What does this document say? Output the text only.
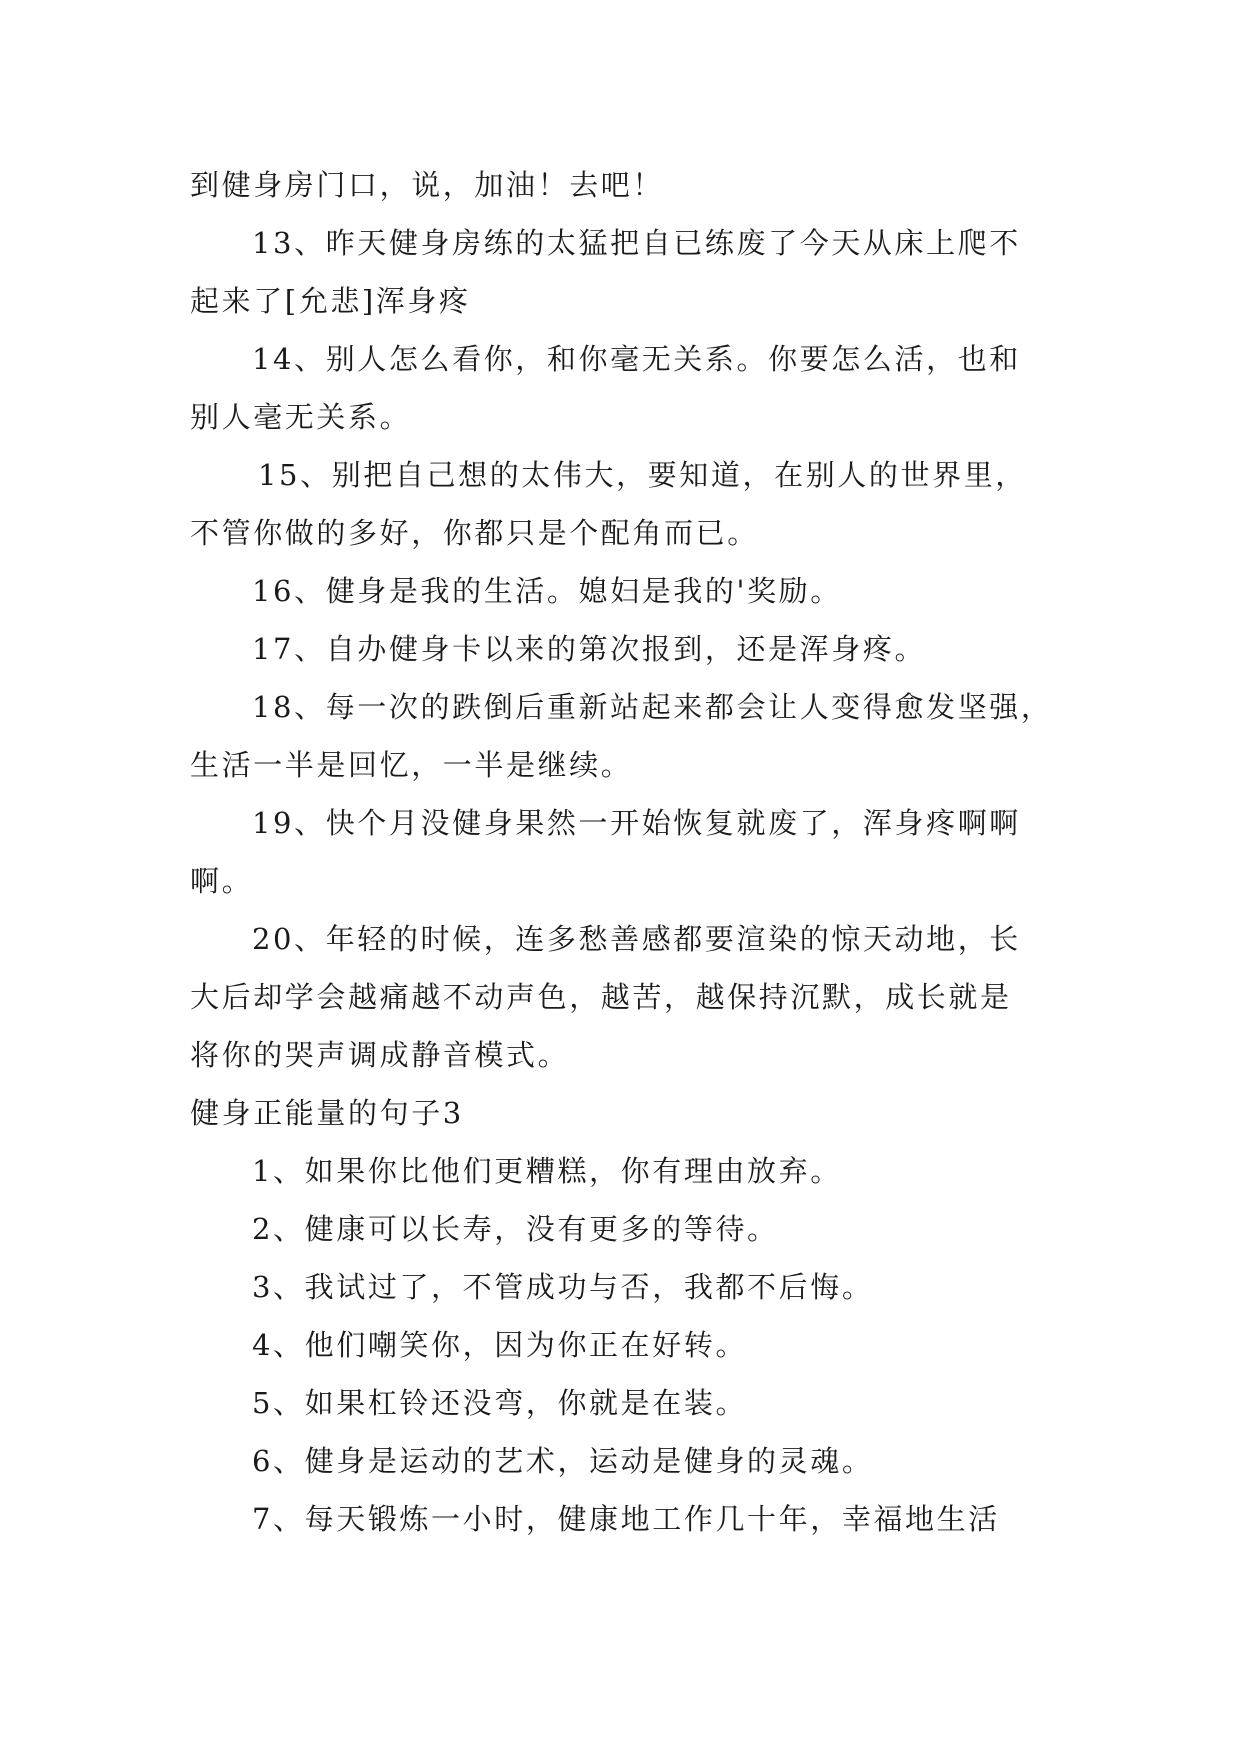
到健身房门口，说，加油！去吧！
13、昨天健身房练的太猛把自已练废了今天从床上爬不
起来了[允悲]浑身疼
14、别人怎么看你，和你毫无关系。你要怎么活，也和
别人毫无关系。
15、别把自己想的太伟大，要知道，在别人的世界里，
不管你做的多好，你都只是个配角而已。
16、健身是我的生活。媳妇是我的'奖励。
17、自办健身卡以来的第次报到，还是浑身疼。
18、每一次的跌倒后重新站起来都会让人变得愈发坚强，
生活一半是回忆，一半是继续。
19、快个月没健身果然一开始恢复就废了，浑身疼啊啊
啊。
20、年轻的时候，连多愁善感都要渲染的惊天动地，长
大后却学会越痛越不动声色，越苦，越保持沉默，成长就是
将你的哭声调成静音模式。
健身正能量的句子3
1、如果你比他们更糟糕，你有理由放弃。
2、健康可以长寿，没有更多的等待。
3、我试过了，不管成功与否，我都不后悔。
4、他们嘲笑你，因为你正在好转。
5、如果杠铃还没弯，你就是在装。
6、健身是运动的艺术，运动是健身的灵魂。
7、每天锻炼一小时，健康地工作几十年，幸福地生活
